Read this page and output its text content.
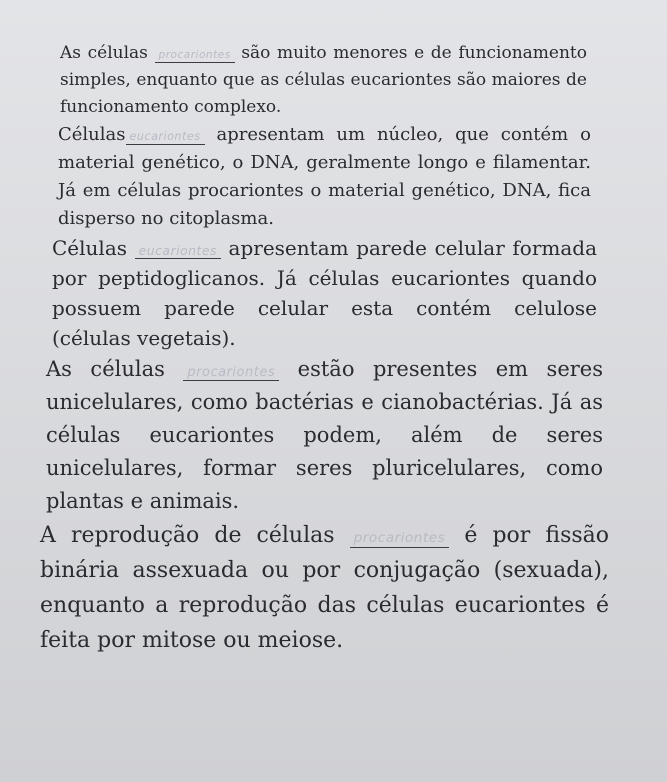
As células procariontes são muito menores e de funcionamento simples, enquanto que as células eucariontes são maiores de funcionamento complexo.

Células eucariontes apresentam um núcleo, que contém o material genético, o DNA, geralmente longo e filamentar. Já em células procariontes o material genético, DNA, fica disperso no citoplasma.

Células eucariontes apresentam parede celular formada por peptidoglicanos. Já células eucariontes quando possuem parede celular esta contém celulose (células vegetais).

As células procariontes estão presentes em seres unicelulares, como bactérias e cianobactérias. Já as células eucariontes podem, além de seres unicelulares, formar seres pluricelulares, como plantas e animais.

A reprodução de células procariontes é por fissão binária assexuada ou por conjugação (sexuada), enquanto a reprodução das células eucariontes é feita por mitose ou meiose.
